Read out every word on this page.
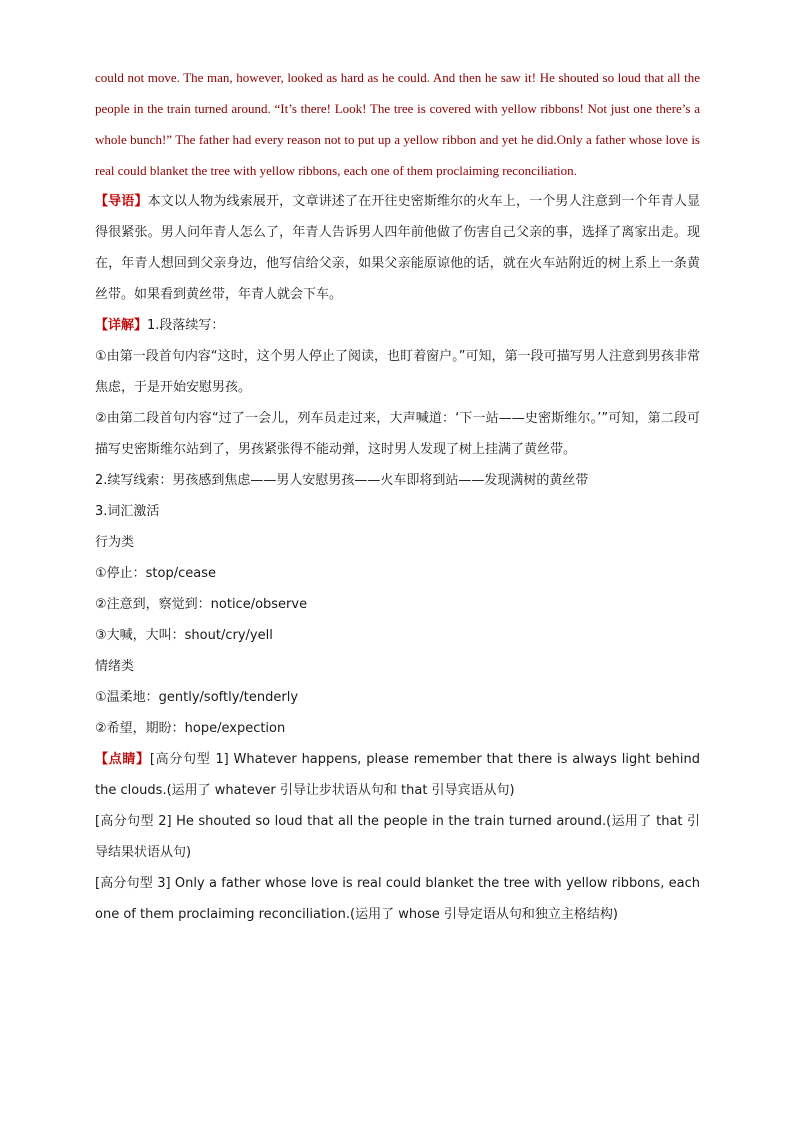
could not move. The man, however, looked as hard as he could. And then he saw it! He shouted so loud that all the people in the train turned around. “It’s there! Look! The tree is covered with yellow ribbons! Not just one there’s a whole bunch!” The father had every reason not to put up a yellow ribbon and yet he did.Only a father whose love is real could blanket the tree with yellow ribbons, each one of them proclaiming reconciliation.

【导语】本文以人物为线索展开，文章讲述了在开往史密斯维尔的火车上，一个男人注意到一个年青人显得很紧张。男人问年青人怎么了，年青人告诉男人四年前他做了伤害自己父亲的事，选择了离家出走。现在，年青人想回到父亲身边，他写信给父亲，如果父亲能原谅他的话，就在火车站附近的树上系上一条黄丝带。如果看到黄丝带，年青人就会下车。

【详解】1.段落续写：

①由第一段首句内容“这时，这个男人停止了阅读，也盯着窗户。”可知，第一段可描写男人注意到男孩非常焦虑，于是开始安慰男孩。

②由第二段首句内容“过了一会儿，列车员走过来，大声喊道：‘下一站——史密斯维尔。’”可知，第二段可描写史密斯维尔站到了，男孩紧张得不能动弹，这时男人发现了树上挂满了黄丝带。

2.续写线索：男孩感到焦虑——男人安慰男孩——火车即将到站——发现满树的黄丝带

3.词汇激活

行为类

①停止：stop/cease

②注意到，察觉到：notice/observe

③大喊，大叫：shout/cry/yell

情绪类

①温柔地：gently/softly/tenderly

②希望，期盼：hope/expection

【点睛】[高分句型 1] Whatever happens, please remember that there is always light behind the clouds.(运用了 whatever 引导让步状语从句和 that 引导宾语从句)

[高分句型 2] He shouted so loud that all the people in the train turned around.(运用了 that 引导结果状语从句)

[高分句型 3] Only a father whose love is real could blanket the tree with yellow ribbons, each one of them proclaiming reconciliation.(运用了 whose 引导定语从句和独立主格结构)
